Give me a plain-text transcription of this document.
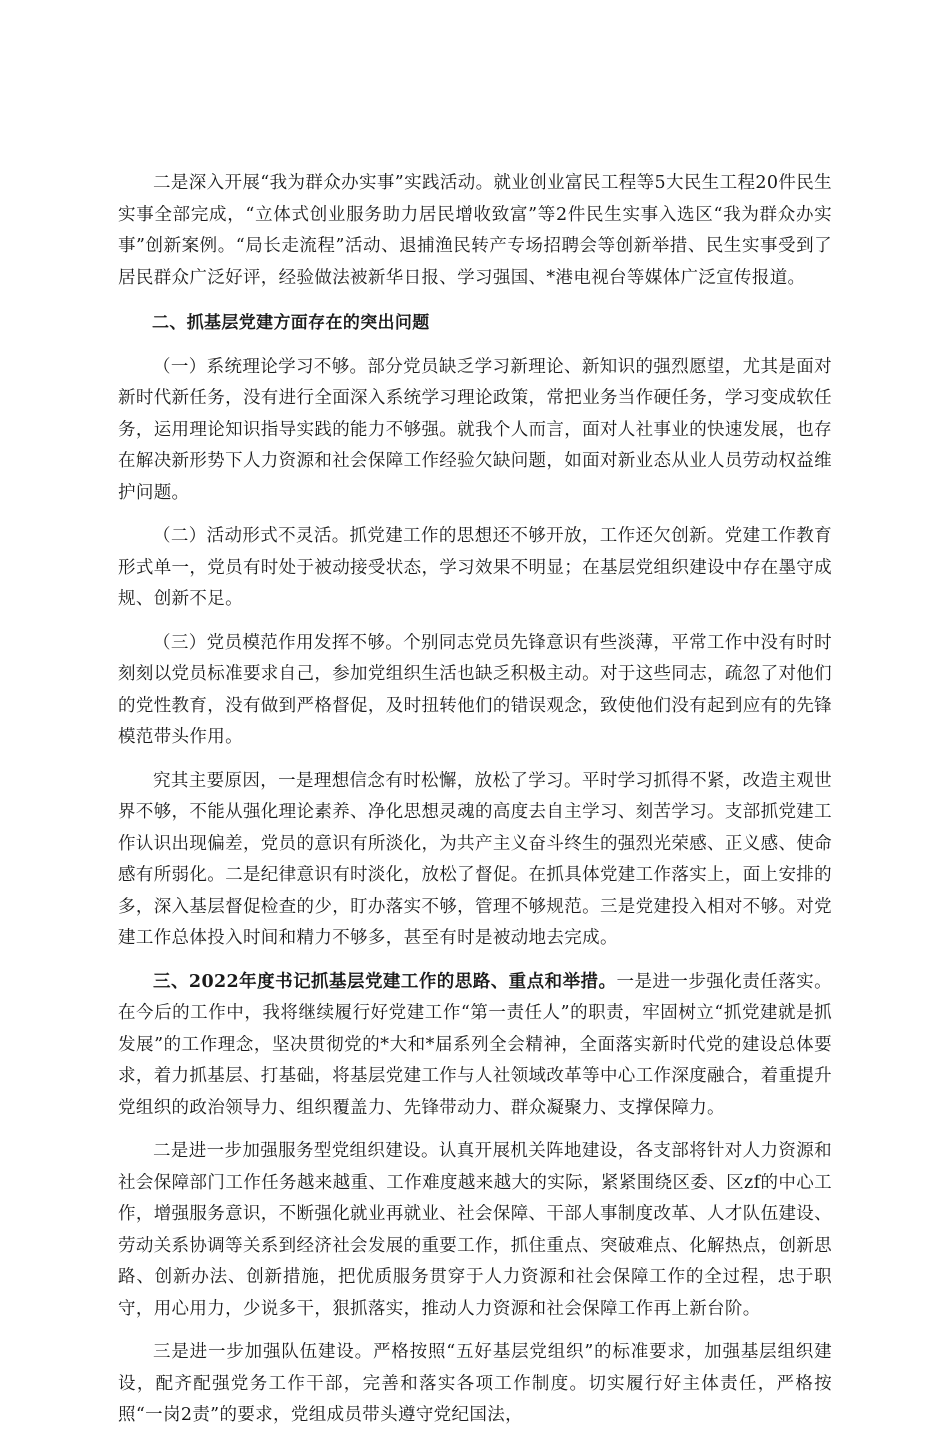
二是深入开展“我为群众办实事”实践活动。就业创业富民工程等5大民生工程20件民生实事全部完成，“立体式创业服务助力居民增收致富”等2件民生实事入选区“我为群众办实事”创新案例。“局长走流程”活动、退捕渔民转产专场招聘会等创新举措、民生实事受到了居民群众广泛好评，经验做法被新华日报、学习强国、*港电视台等媒体广泛宣传报道。

二、抓基层党建方面存在的突出问题

（一）系统理论学习不够。部分党员缺乏学习新理论、新知识的强烈愿望，尤其是面对新时代新任务，没有进行全面深入系统学习理论政策，常把业务当作硬任务，学习变成软任务，运用理论知识指导实践的能力不够强。就我个人而言，面对人社事业的快速发展，也存在解决新形势下人力资源和社会保障工作经验欠缺问题，如面对新业态从业人员劳动权益维护问题。

（二）活动形式不灵活。抓党建工作的思想还不够开放，工作还欠创新。党建工作教育形式单一，党员有时处于被动接受状态，学习效果不明显；在基层党组织建设中存在墨守成规、创新不足。

（三）党员模范作用发挥不够。个别同志党员先锋意识有些淡薄，平常工作中没有时时刻刻以党员标准要求自己，参加党组织生活也缺乏积极主动。对于这些同志，疏忽了对他们的党性教育，没有做到严格督促，及时扭转他们的错误观念，致使他们没有起到应有的先锋模范带头作用。

究其主要原因，一是理想信念有时松懈，放松了学习。平时学习抓得不紧，改造主观世界不够，不能从强化理论素养、净化思想灵魂的高度去自主学习、刻苦学习。支部抓党建工作认识出现偏差，党员的意识有所淡化，为共产主义奋斗终生的强烈光荣感、正义感、使命感有所弱化。二是纪律意识有时淡化，放松了督促。在抓具体党建工作落实上，面上安排的多，深入基层督促检查的少，盯办落实不够，管理不够规范。三是党建投入相对不够。对党建工作总体投入时间和精力不够多，甚至有时是被动地去完成。

三、2022年度书记抓基层党建工作的思路、重点和举措。一是进一步强化责任落实。在今后的工作中，我将继续履行好党建工作“第一责任人”的职责，牢固树立“抓党建就是抓发展”的工作理念，坚决贯彻党的*大和*届系列全会精神，全面落实新时代党的建设总体要求，着力抓基层、打基础，将基层党建工作与人社领域改革等中心工作深度融合，着重提升党组织的政治领导力、组织覆盖力、先锋带动力、群众凝聚力、支撑保障力。

二是进一步加强服务型党组织建设。认真开展机关阵地建设，各支部将针对人力资源和社会保障部门工作任务越来越重、工作难度越来越大的实际，紧紧围绕区委、区zf的中心工作，增强服务意识，不断强化就业再就业、社会保障、干部人事制度改革、人才队伍建设、劳动关系协调等关系到经济社会发展的重要工作，抓住重点、突破难点、化解热点，创新思路、创新办法、创新措施，把优质服务贯穿于人力资源和社会保障工作的全过程，忠于职守，用心用力，少说多干，狠抓落实，推动人力资源和社会保障工作再上新台阶。

三是进一步加强队伍建设。严格按照“五好基层党组织”的标准要求，加强基层组织建设，配齐配强党务工作干部，完善和落实各项工作制度。切实履行好主体责任，严格按照“一岗2责”的要求，党组成员带头遵守党纪国法，
